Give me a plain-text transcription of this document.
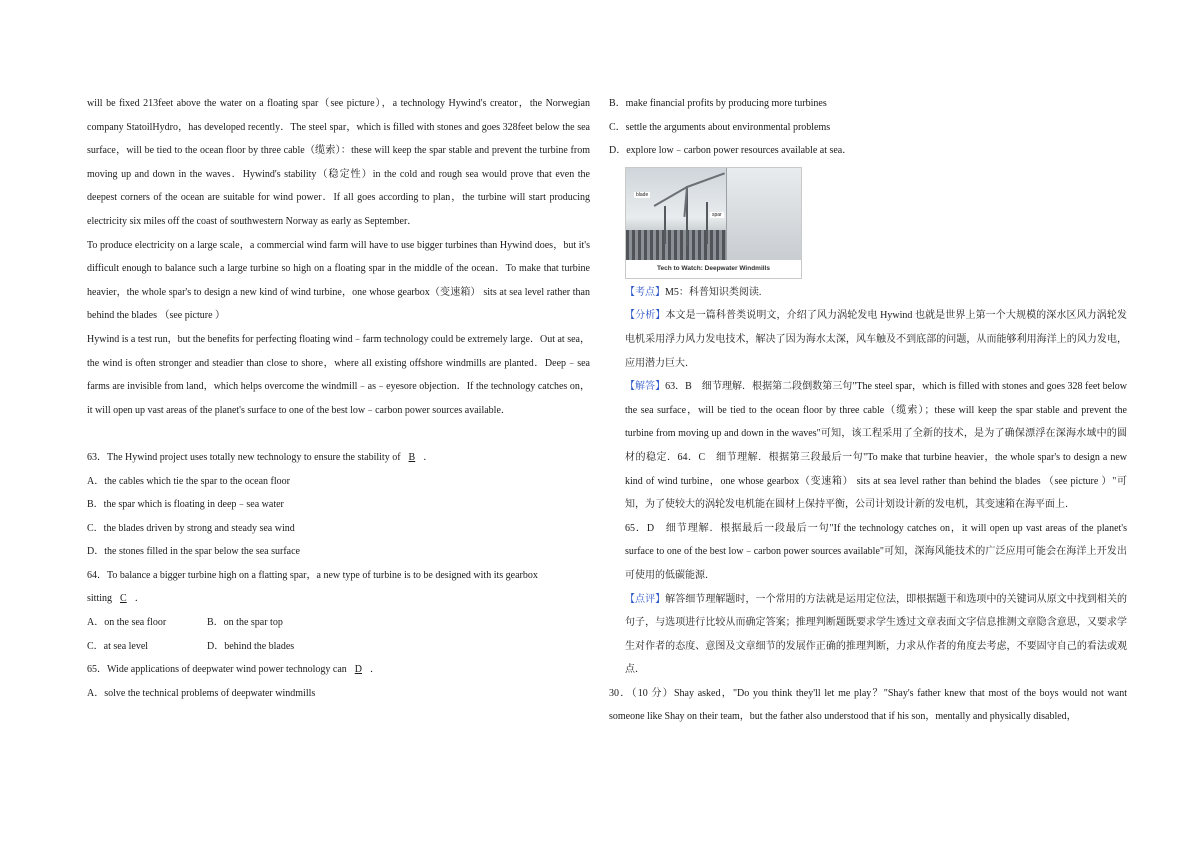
will be fixed 213feet above the water on a floating spar（see picture），a technology Hywind's creator，the Norwegian company StatoilHydro，has developed recently．The steel spar，which is filled with stones and goes 328feet below the sea surface，will be tied to the ocean floor by three cable（缆索）：these will keep the spar stable and prevent the turbine from moving up and down in the waves．Hywind's stability（稳定性）in the cold and rough sea would prove that even the deepest corners of the ocean are suitable for wind power．If all goes according to plan，the turbine will start producing electricity six miles off the coast of southwestern Norway as early as September．

To produce electricity on a large scale，a commercial wind farm will have to use bigger turbines than Hywind does，but it's difficult enough to balance such a large turbine so high on a floating spar in the middle of the ocean．To make that turbine heavier，the whole spar's to design a new kind of wind turbine，one whose gearbox（变速箱） sits at sea level rather than behind the blades （see picture ）

Hywind is a test run，but the benefits for perfecting floating wind﹣farm technology could be extremely large．Out at sea，the wind is often stronger and steadier than close to shore，where all existing offshore windmills are planted．Deep﹣sea farms are invisible from land，which helps overcome the windmill﹣as﹣eyesore objection．If the technology catches on，it will open up vast areas of the planet's surface to one of the best low﹣carbon power sources available．

63．The Hywind project uses totally new technology to ensure the stability of B ．

A．the cables which tie the spar to the ocean floor

B．the spar which is floating in deep﹣sea water

C．the blades driven by strong and steady sea wind

D．the stones filled in the spar below the sea surface

64．To balance a bigger turbine high on a flatting spar，a new type of turbine is to be designed with its gearbox

sitting C ．

A．on the sea floor	B．on the spar top
C．at sea level	D．behind the blades

65．Wide applications of deepwater wind power technology can D ．

A．solve the technical problems of deepwater windmills

B．make financial profits by producing more turbines

C．settle the arguments about environmental problems

D．explore low﹣carbon power resources available at sea．

blade
spar
Tech to Watch: Deepwater Windmills

【考点】M5：科普知识类阅读.

【分析】本文是一篇科普类说明文，介绍了风力涡轮发电 Hywind 也就是世界上第一个大规模的深水区风力涡轮发电机采用浮力风力发电技术，解决了因为海水太深，风车触及不到底部的问题，从而能够利用海洋上的风力发电，应用潜力巨大．

【解答】63．B　细节理解．根据第二段倒数第三句"The steel spar，which is filled with stones and goes 328 feet below the sea surface，will be tied to the ocean floor by three cable（缆索）；these will keep the spar stable and prevent the turbine from moving up and down in the waves"可知，该工程采用了全新的技术，是为了确保漂浮在深海水域中的圆材的稳定．64．C　细节理解．根据第三段最后一句"To make that turbine heavier，the whole spar's to design a new kind of wind turbine，one whose gearbox（变速箱） sits at sea level rather than behind the blades （see picture ）"可知，为了使较大的涡轮发电机能在圆材上保持平衡，公司计划设计新的发电机，其变速箱在海平面上．

65．D　细节理解．根据最后一段最后一句"If the technology catches on，it will open up vast areas of the planet's surface to one of the best low﹣carbon power sources available"可知，深海风能技术的广泛应用可能会在海洋上开发出可使用的低碳能源．

【点评】解答细节理解题时，一个常用的方法就是运用定位法，即根据题干和选项中的关键词从原文中找到相关的句子，与选项进行比较从而确定答案；推理判断题既要求学生透过文章表面文字信息推测文章隐含意思，又要求学生对作者的态度、意图及文章细节的发展作正确的推理判断，力求从作者的角度去考虑，不要固守自己的看法或观点．

30．（10 分）Shay asked，"Do you think they'll let me play？"Shay's father knew that most of the boys would not want someone like Shay on their team，but the father also understood that if his son，mentally and physically disabled，
